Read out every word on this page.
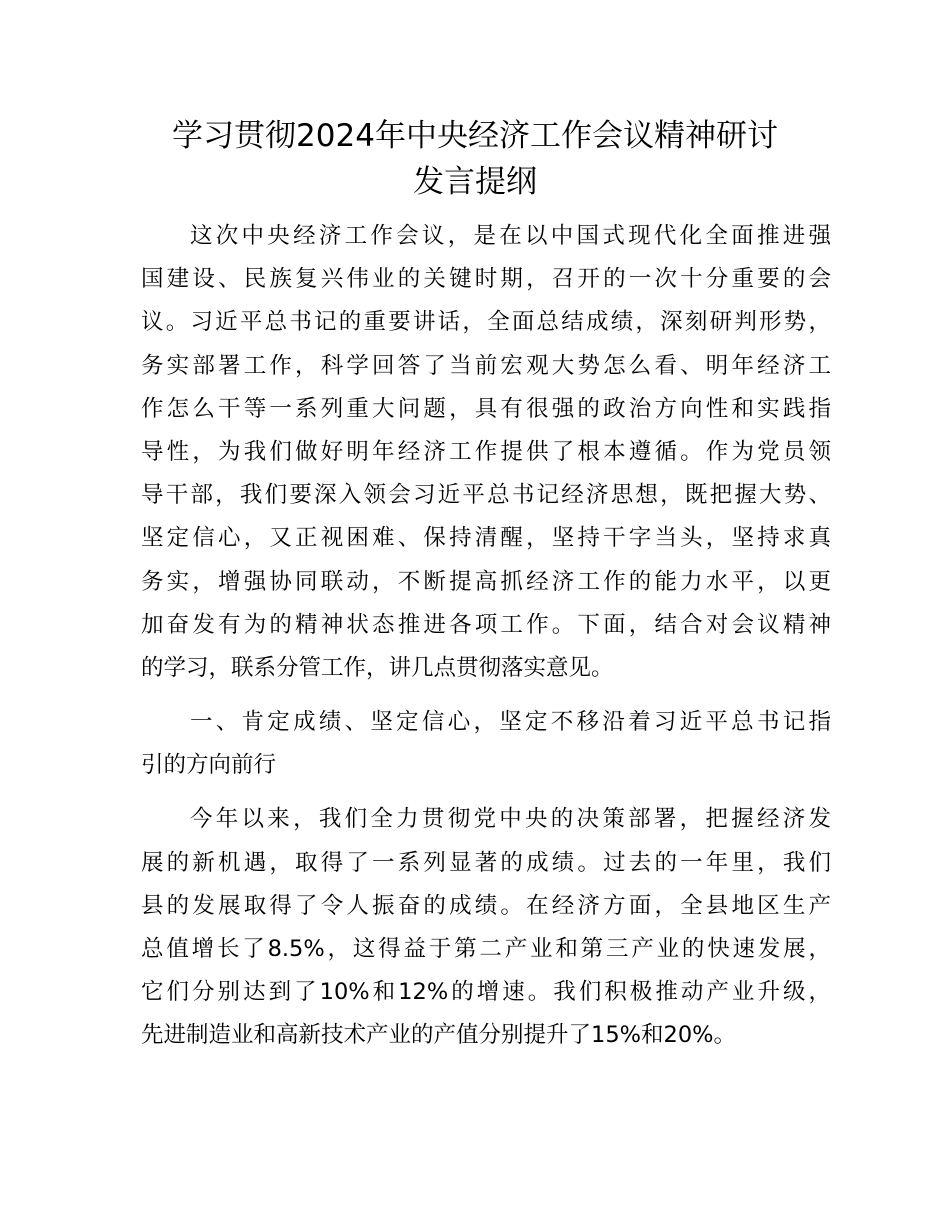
学习贯彻2024年中央经济工作会议精神研讨
发言提纲
这次中央经济工作会议，是在以中国式现代化全面推进强
国建设、民族复兴伟业的关键时期，召开的一次十分重要的会
议。习近平总书记的重要讲话，全面总结成绩，深刻研判形势，
务实部署工作，科学回答了当前宏观大势怎么看、明年经济工
作怎么干等一系列重大问题，具有很强的政治方向性和实践指
导性，为我们做好明年经济工作提供了根本遵循。作为党员领
导干部，我们要深入领会习近平总书记经济思想，既把握大势、
坚定信心，又正视困难、保持清醒，坚持干字当头，坚持求真
务实，增强协同联动，不断提高抓经济工作的能力水平，以更
加奋发有为的精神状态推进各项工作。下面，结合对会议精神
的学习，联系分管工作，讲几点贯彻落实意见。
一、肯定成绩、坚定信心，坚定不移沿着习近平总书记指
引的方向前行
今年以来，我们全力贯彻党中央的决策部署，把握经济发
展的新机遇，取得了一系列显著的成绩。过去的一年里，我们
县的发展取得了令人振奋的成绩。在经济方面，全县地区生产
总值增长了8.5%，这得益于第二产业和第三产业的快速发展，
它们分别达到了10%和12%的增速。我们积极推动产业升级，
先进制造业和高新技术产业的产值分别提升了15%和20%。
